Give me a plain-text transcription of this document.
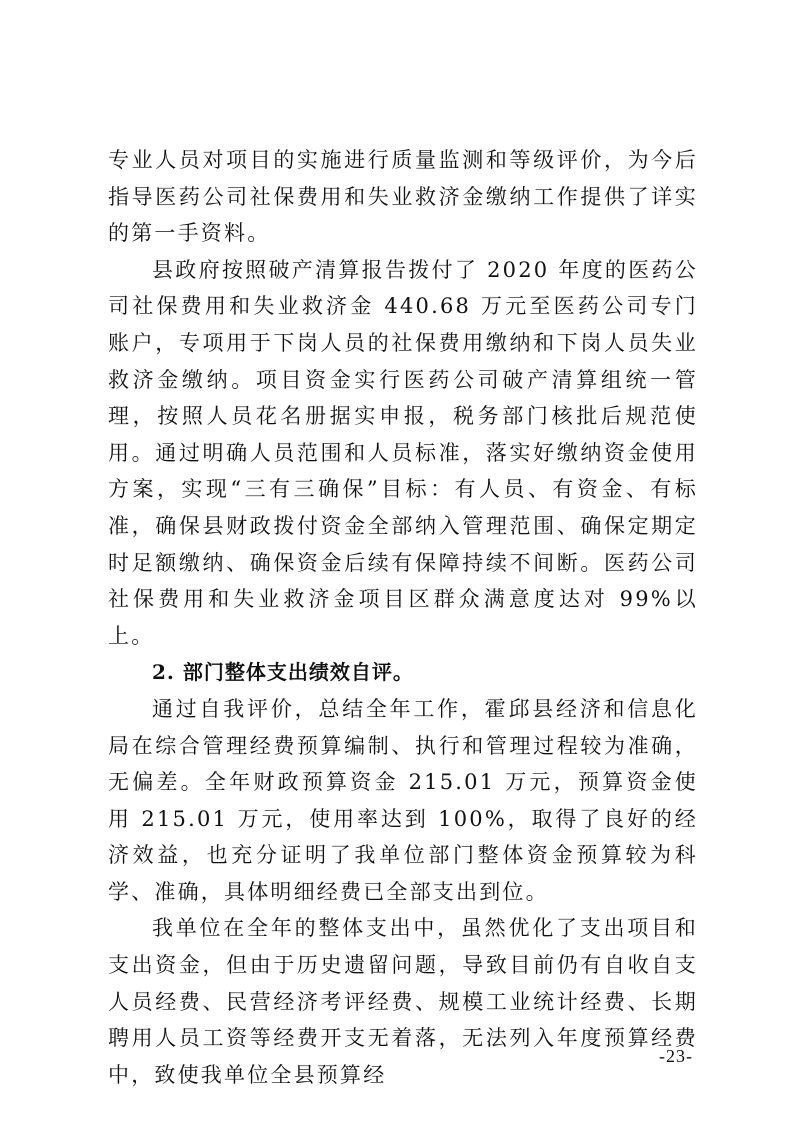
专业人员对项目的实施进行质量监测和等级评价，为今后指导医药公司社保费用和失业救济金缴纳工作提供了详实的第一手资料。

县政府按照破产清算报告拨付了 2020 年度的医药公司社保费用和失业救济金 440.68 万元至医药公司专门账户，专项用于下岗人员的社保费用缴纳和下岗人员失业救济金缴纳。项目资金实行医药公司破产清算组统一管理，按照人员花名册据实申报，税务部门核批后规范使用。通过明确人员范围和人员标准，落实好缴纳资金使用方案，实现“三有三确保”目标：有人员、有资金、有标准，确保县财政拨付资金全部纳入管理范围、确保定期定时足额缴纳、确保资金后续有保障持续不间断。医药公司社保费用和失业救济金项目区群众满意度达对 99%以上。

2. 部门整体支出绩效自评。

通过自我评价，总结全年工作，霍邱县经济和信息化局在综合管理经费预算编制、执行和管理过程较为准确，无偏差。全年财政预算资金 215.01 万元，预算资金使用 215.01 万元，使用率达到 100%，取得了良好的经济效益，也充分证明了我单位部门整体资金预算较为科学、准确，具体明细经费已全部支出到位。

我单位在全年的整体支出中，虽然优化了支出项目和支出资金，但由于历史遗留问题，导致目前仍有自收自支人员经费、民营经济考评经费、规模工业统计经费、长期聘用人员工资等经费开支无着落，无法列入年度预算经费中，致使我单位全县预算经

-23-
